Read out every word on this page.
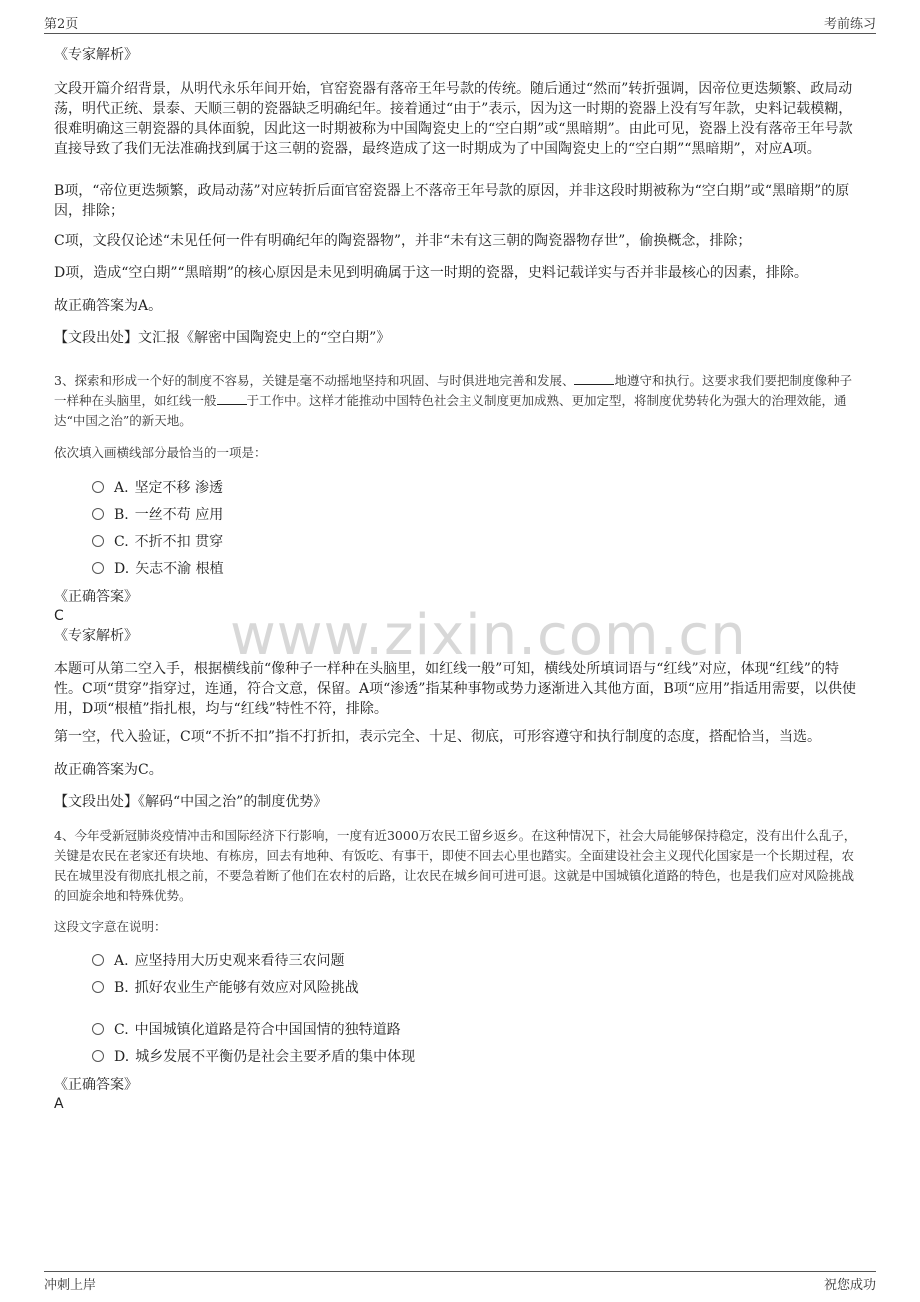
第2页	考前练习
www.zixin.com.cn
《专家解析》
文段开篇介绍背景，从明代永乐年间开始，官窑瓷器有落帝王年号款的传统。随后通过“然而”转折强调，因帝位更迭频繁、政局动荡，明代正统、景泰、天顺三朝的瓷器缺乏明确纪年。接着通过“由于”表示，因为这一时期的瓷器上没有写年款，史料记载模糊，很难明确这三朝瓷器的具体面貌，因此这一时期被称为中国陶瓷史上的“空白期”或“黑暗期”。由此可见，瓷器上没有落帝王年号款直接导致了我们无法准确找到属于这三朝的瓷器，最终造成了这一时期成为了中国陶瓷史上的“空白期”“黑暗期”，对应A项。
B项，“帝位更迭频繁，政局动荡”对应转折后面官窑瓷器上不落帝王年号款的原因，并非这段时期被称为“空白期”或“黑暗期”的原因，排除；
C项，文段仅论述“未见任何一件有明确纪年的陶瓷器物”，并非“未有这三朝的陶瓷器物存世”，偷换概念，排除；
D项，造成“空白期”“黑暗期”的核心原因是未见到明确属于这一时期的瓷器，史料记载详实与否并非最核心的因素，排除。
故正确答案为A。
【文段出处】文汇报《解密中国陶瓷史上的“空白期”》
3、探索和形成一个好的制度不容易，关键是毫不动摇地坚持和巩固、与时俱进地完善和发展、	地遵守和执行。这要求我们要把制度像种子一样种在头脑里，如红线一般 于工作中。这样才能推动中国特色社会主义制度更加成熟、更加定型，将制度优势转化为强大的治理效能，通达“中国之治”的新天地。
依次填入画横线部分最恰当的一项是：
A. 坚定不移 渗透
B. 一丝不苟 应用
C. 不折不扣 贯穿
D. 矢志不渝 根植
《正确答案》
C
《专家解析》
本题可从第二空入手，根据横线前“像种子一样种在头脑里，如红线一般”可知，横线处所填词语与“红线”对应，体现“红线”的特性。C项“贯穿”指穿过，连通，符合文意，保留。A项“渗透”指某种事物或势力逐渐进入其他方面，B项“应用”指适用需要，以供使用，D项“根植”指扎根，均与“红线”特性不符，排除。
第一空，代入验证，C项“不折不扣”指不打折扣，表示完全、十足、彻底，可形容遵守和执行制度的态度，搭配恰当，当选。
故正确答案为C。
【文段出处】《解码“中国之治”的制度优势》
4、今年受新冠肺炎疫情冲击和国际经济下行影响，一度有近3000万农民工留乡返乡。在这种情况下，社会大局能够保持稳定，没有出什么乱子，关键是农民在老家还有块地、有栋房，回去有地种、有饭吃、有事干，即使不回去心里也踏实。全面建设社会主义现代化国家是一个长期过程，农民在城里没有彻底扎根之前，不要急着断了他们在农村的后路，让农民在城乡间可进可退。这就是中国城镇化道路的特色，也是我们应对风险挑战的回旋余地和特殊优势。
这段文字意在说明：
A. 应坚持用大历史观来看待三农问题
B. 抓好农业生产能够有效应对风险挑战
C. 中国城镇化道路是符合中国国情的独特道路
D. 城乡发展不平衡仍是社会主要矛盾的集中体现
《正确答案》
A
冲刺上岸	祝您成功
